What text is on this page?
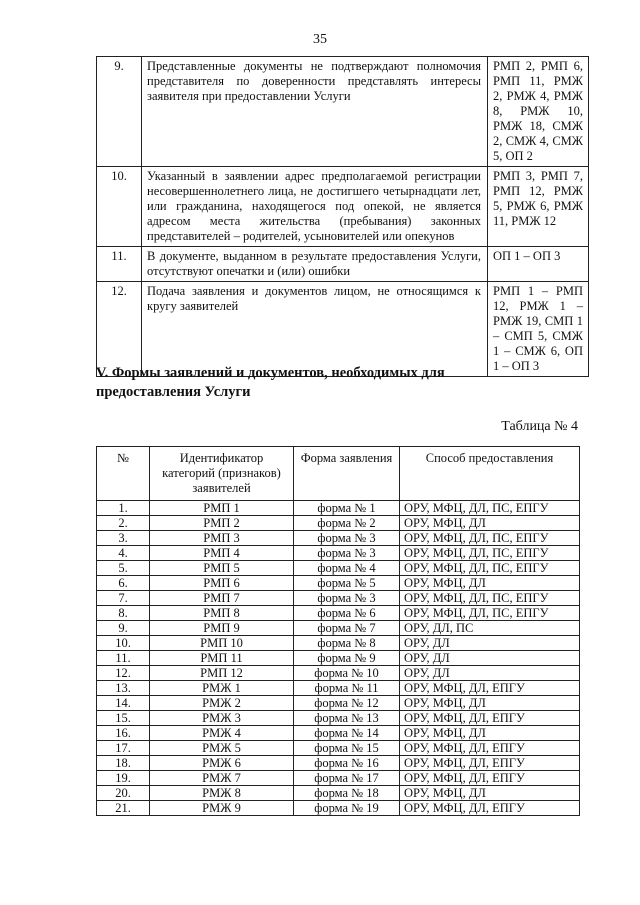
35
9.	Представленные документы не подтверждают полномочия представителя по доверенности представлять интересы заявителя при предоставлении Услуги	РМП 2, РМП 6, РМП 11, РМЖ 2, РМЖ 4, РМЖ 8, РМЖ 10, РМЖ 18, СМЖ 2, СМЖ 4, СМЖ 5, ОП 2
10.	Указанный в заявлении адрес предполагаемой регистрации несовершеннолетнего лица, не достигшего четырнадцати лет, или гражданина, находящегося под опекой, не является адресом места жительства (пребывания) законных представителей – родителей, усыновителей или опекунов	РМП 3, РМП 7, РМП 12, РМЖ 5, РМЖ 6, РМЖ 11, РМЖ 12
11.	В документе, выданном в результате предоставления Услуги, отсутствуют опечатки и (или) ошибки	ОП 1 – ОП 3
12.	Подача заявления и документов лицом, не относящимся к кругу заявителей	РМП 1 – РМП 12, РМЖ 1 – РМЖ 19, СМП 1 – СМП 5, СМЖ 1 – СМЖ 6, ОП 1 – ОП 3
V. Формы заявлений и документов, необходимых для предоставления Услуги
Таблица № 4
№	Идентификатор категорий (признаков) заявителей	Форма заявления	Способ предоставления
1.	РМП 1	форма № 1	ОРУ, МФЦ, ДЛ, ПС, ЕПГУ
2.	РМП 2	форма № 2	ОРУ, МФЦ, ДЛ
3.	РМП 3	форма № 3	ОРУ, МФЦ, ДЛ, ПС, ЕПГУ
4.	РМП 4	форма № 3	ОРУ, МФЦ, ДЛ, ПС, ЕПГУ
5.	РМП 5	форма № 4	ОРУ, МФЦ, ДЛ, ПС, ЕПГУ
6.	РМП 6	форма № 5	ОРУ, МФЦ, ДЛ
7.	РМП 7	форма № 3	ОРУ, МФЦ, ДЛ, ПС, ЕПГУ
8.	РМП 8	форма № 6	ОРУ, МФЦ, ДЛ, ПС, ЕПГУ
9.	РМП 9	форма № 7	ОРУ, ДЛ, ПС
10.	РМП 10	форма № 8	ОРУ, ДЛ
11.	РМП 11	форма № 9	ОРУ, ДЛ
12.	РМП 12	форма № 10	ОРУ, ДЛ
13.	РМЖ 1	форма № 11	ОРУ, МФЦ, ДЛ, ЕПГУ
14.	РМЖ 2	форма № 12	ОРУ, МФЦ, ДЛ
15.	РМЖ 3	форма № 13	ОРУ, МФЦ, ДЛ, ЕПГУ
16.	РМЖ 4	форма № 14	ОРУ, МФЦ, ДЛ
17.	РМЖ 5	форма № 15	ОРУ, МФЦ, ДЛ, ЕПГУ
18.	РМЖ 6	форма № 16	ОРУ, МФЦ, ДЛ, ЕПГУ
19.	РМЖ 7	форма № 17	ОРУ, МФЦ, ДЛ, ЕПГУ
20.	РМЖ 8	форма № 18	ОРУ, МФЦ, ДЛ
21.	РМЖ 9	форма № 19	ОРУ, МФЦ, ДЛ, ЕПГУ
